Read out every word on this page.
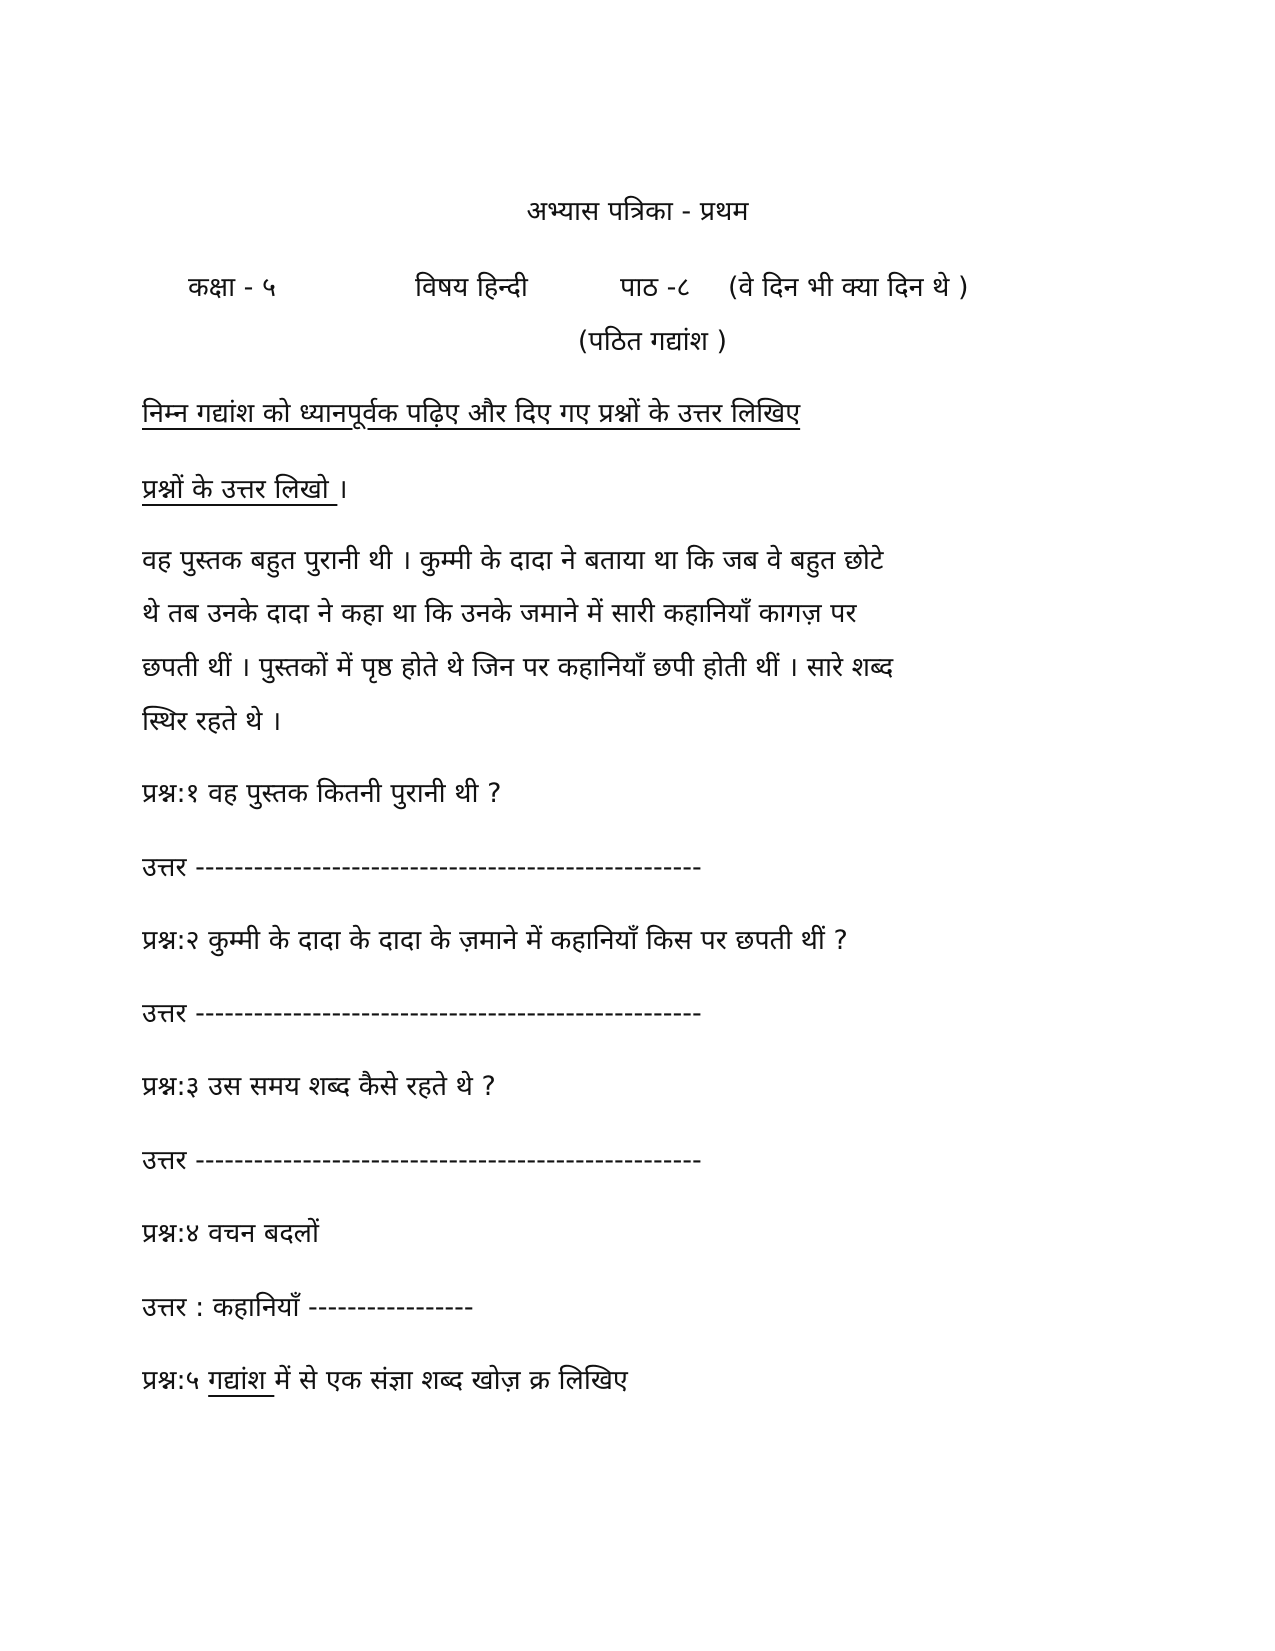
अभ्यास पत्रिका - प्रथम
कक्षा - ५	विषय हिन्दी	पाठ -८ (वे दिन भी क्या दिन थे )
(पठित गद्यांश )
निम्न गद्यांश को ध्यानपूर्वक पढ़िए और दिए गए प्रश्नों के उत्तर लिखिए
प्रश्नों के उत्तर लिखो ।
वह पुस्तक बहुत पुरानी थी । कुम्मी के दादा ने बताया था कि जब वे बहुत छोटे
थे तब उनके दादा ने कहा था कि उनके जमाने में सारी कहानियाँ कागज़ पर
छपती थीं । पुस्तकों में पृष्ठ होते थे जिन पर कहानियाँ छपी होती थीं । सारे शब्द
स्थिर रहते थे ।
प्रश्न:१ वह पुस्तक कितनी पुरानी थी ?
उत्तर ----------------------------------------------------
प्रश्न:२ कुम्मी के दादा के दादा के ज़माने में कहानियाँ किस पर छपती थीं ?
उत्तर ----------------------------------------------------
प्रश्न:३ उस समय शब्द कैसे रहते थे ?
उत्तर ----------------------------------------------------
प्रश्न:४ वचन बदलों
उत्तर : कहानियाँ -----------------
प्रश्न:५ गद्यांश में से एक संज्ञा शब्द खोज़ क्र लिखिए
